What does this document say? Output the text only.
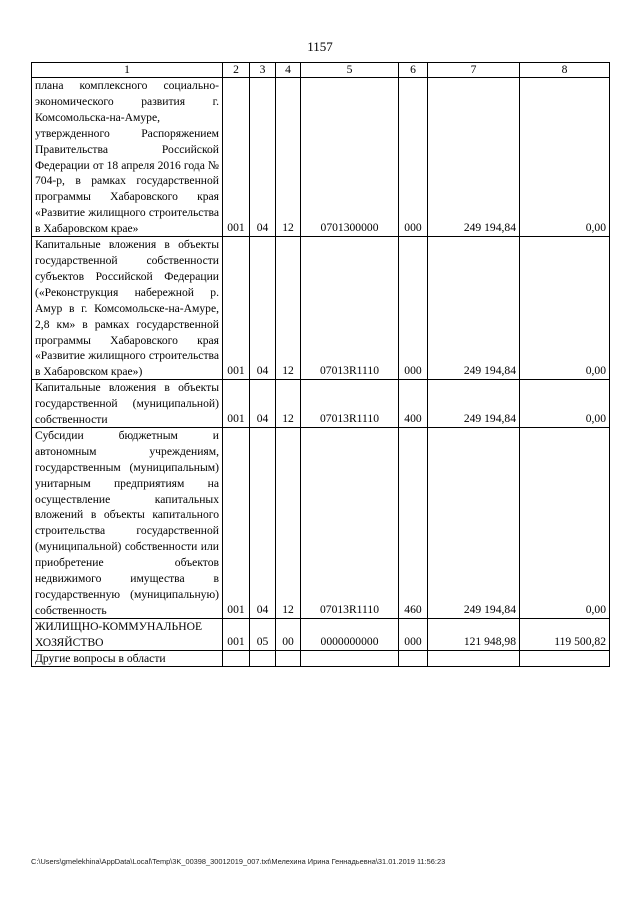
1157
1	2	3	4	5	6	7	8

плана комплексного социально-экономического развития г. Комсомольска-на-Амуре, утвержденного Распоряжением Правительства Российской Федерации от 18 апреля 2016 года № 704-р, в рамках государственной программы Хабаровского края «Развитие жилищного строительства в Хабаровском крае»	001	04	12	0701300000	000	249 194,84	0,00

Капитальные вложения в объекты государственной собственности субъектов Российской Федерации («Реконструкция набережной р. Амур в г. Комсомольске-на-Амуре, 2,8 км» в рамках государственной программы Хабаровского края «Развитие жилищного строительства в Хабаровском крае»)	001	04	12	07013R1110	000	249 194,84	0,00

Капитальные вложения в объекты государственной (муниципальной) собственности	001	04	12	07013R1110	400	249 194,84	0,00

Субсидии бюджетным и автономным учреждениям, государственным (муниципальным) унитарным предприятиям на осуществление капитальных вложений в объекты капитального строительства государственной (муниципальной) собственности или приобретение объектов недвижимого имущества в государственную (муниципальную) собственность	001	04	12	07013R1110	460	249 194,84	0,00

ЖИЛИЩНО-КОММУНАЛЬНОЕ ХОЗЯЙСТВО	001	05	00	0000000000	000	121 948,98	119 500,82

Другие вопросы в области							

C:\Users\gmelekhina\AppData\Local\Temp\3K_00398_30012019_007.txt\Мелехина Ирина Геннадьевна\31.01.2019 11:56:23
